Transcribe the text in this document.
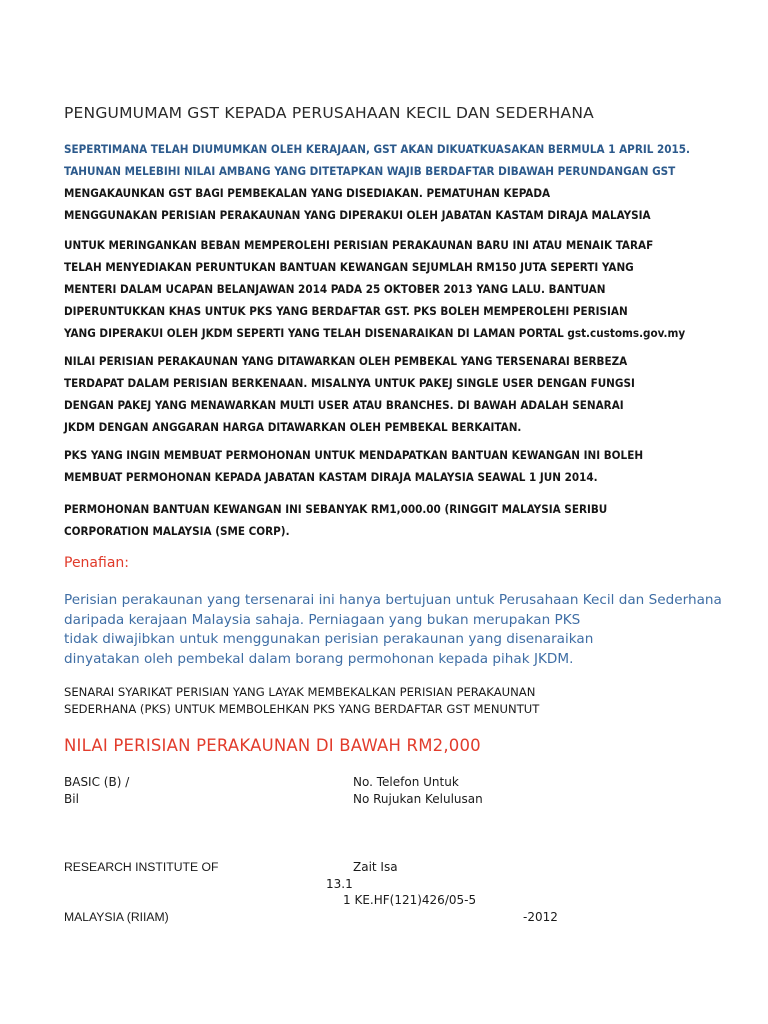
PENGUMUMAM GST KEPADA PERUSAHAAN KECIL DAN SEDERHANA
SEPERTIMANA TELAH DIUMUMKAN OLEH KERAJAAN, GST AKAN DIKUATKUASAKAN BERMULA 1 APRIL 2015.
TAHUNAN MELEBIHI NILAI AMBANG YANG DITETAPKAN WAJIB BERDAFTAR DIBAWAH PERUNDANGAN GST
MENGAKAUNKAN GST BAGI PEMBEKALAN YANG DISEDIAKAN. PEMATUHAN KEPADA
MENGGUNAKAN PERISIAN PERAKAUNAN YANG DIPERAKUI OLEH JABATAN KASTAM DIRAJA MALAYSIA
UNTUK MERINGANKAN BEBAN MEMPEROLEHI PERISIAN PERAKAUNAN BARU INI ATAU MENAIK TARAF
TELAH MENYEDIAKAN PERUNTUKAN BANTUAN KEWANGAN SEJUMLAH RM150 JUTA SEPERTI YANG
MENTERI DALAM UCAPAN BELANJAWAN 2014 PADA 25 OKTOBER 2013 YANG LALU. BANTUAN
DIPERUNTUKKAN KHAS UNTUK PKS YANG BERDAFTAR GST. PKS BOLEH MEMPEROLEHI PERISIAN
YANG DIPERAKUI OLEH JKDM SEPERTI YANG TELAH DISENARAIKAN DI LAMAN PORTAL gst.customs.gov.my
NILAI PERISIAN PERAKAUNAN YANG DITAWARKAN OLEH PEMBEKAL YANG TERSENARAI BERBEZA
TERDAPAT DALAM PERISIAN BERKENAAN. MISALNYA UNTUK PAKEJ SINGLE USER DENGAN FUNGSI
DENGAN PAKEJ YANG MENAWARKAN MULTI USER ATAU BRANCHES. DI BAWAH ADALAH SENARAI
JKDM DENGAN ANGGARAN HARGA DITAWARKAN OLEH PEMBEKAL BERKAITAN.
PKS YANG INGIN MEMBUAT PERMOHONAN UNTUK MENDAPATKAN BANTUAN KEWANGAN INI BOLEH
MEMBUAT PERMOHONAN KEPADA JABATAN KASTAM DIRAJA MALAYSIA SEAWAL 1 JUN 2014.
PERMOHONAN BANTUAN KEWANGAN INI SEBANYAK RM1,000.00 (RINGGIT MALAYSIA SERIBU
CORPORATION MALAYSIA (SME CORP).
Penafian:
Perisian perakaunan yang tersenarai ini hanya bertujuan untuk Perusahaan Kecil dan Sederhana
daripada kerajaan Malaysia sahaja. Perniagaan yang bukan merupakan PKS
tidak diwajibkan untuk menggunakan perisian perakaunan yang disenaraikan
dinyatakan oleh pembekal dalam borang permohonan kepada pihak JKDM.
SENARAI SYARIKAT PERISIAN YANG LAYAK MEMBEKALKAN PERISIAN PERAKAUNAN
SEDERHANA (PKS) UNTUK MEMBOLEHKAN PKS YANG BERDAFTAR GST MENUNTUT
NILAI PERISIAN PERAKAUNAN DI BAWAH RM2,000
BASIC (B) /
Bil
No. Telefon Untuk
No Rujukan Kelulusan
RESEARCH INSTITUTE OF
MALAYSIA (RIIAM)
Zait Isa
13.1
1 KE.HF(121)426/05-5
-2012
